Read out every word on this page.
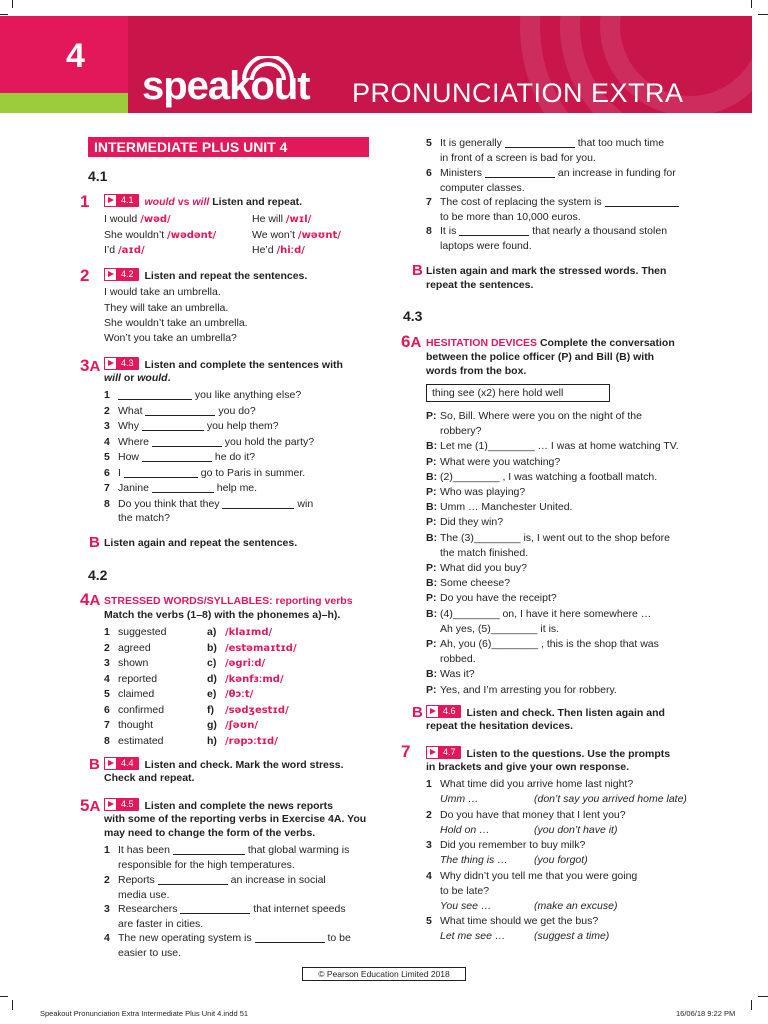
4
speakout PRONUNCIATION EXTRA
INTERMEDIATE PLUS UNIT 4
4.1
1	4.1 would vs will Listen and repeat.
I would /wəd/	He will /wɪl/
She wouldn’t /wədənt/	We won’t /wəʊnt/
I’d /aɪd/	He’d /hiːd/
2	4.2 Listen and repeat the sentences.
I would take an umbrella.
They will take an umbrella.
She wouldn’t take an umbrella.
Won’t you take an umbrella?
3A 4.3 Listen and complete the sentences with
will or would.
1	you like anything else?
2 What	you do?
3 Why	you help them?
4 Where	you hold the party?
5 How	he do it?
6 I	go to Paris in summer.
7 Janine	help me.
8 Do you think that they	win
the match?
B Listen again and repeat the sentences.
4.2
4A STRESSED WORDS/SYLLABLES: reporting verbs
Match the verbs (1–8) with the phonemes a)–h).
1 suggested	a) /klaɪmd/
2 agreed	b) /estəmaɪtɪd/
3 shown	c) /əgriːd/
4 reported	d) /kənfɜːmd/
5 claimed	e) /θɔːt/
6 confirmed	f) /sədʒestɪd/
7 thought	g) /ʃəʊn/
8 estimated	h) /rəpɔːtɪd/
B 4.4 Listen and check. Mark the word stress.
Check and repeat.
5A 4.5 Listen and complete the news reports
with some of the reporting verbs in Exercise 4A. You
may need to change the form of the verbs.
1 It has been	that global warming is
responsible for the high temperatures.
2 Reports	an increase in social
media use.
3 Researchers	that internet speeds
are faster in cities.
4 The new operating system is	to be
easier to use.
5 It is generally	that too much time
in front of a screen is bad for you.
6 Ministers	an increase in funding for
computer classes.
7 The cost of replacing the system is
to be more than 10,000 euros.
8 It is	that nearly a thousand stolen
laptops were found.
B Listen again and mark the stressed words. Then
repeat the sentences.
4.3
6A HESITATION DEVICES Complete the conversation
between the police officer (P) and Bill (B) with
words from the box.
thing see (x2) here hold well
P: So, Bill. Where were you on the night of the
robbery?
B: Let me (1)________ … I was at home watching TV.
P: What were you watching?
B: (2)________ , I was watching a football match.
P: Who was playing?
B: Umm … Manchester United.
P: Did they win?
B: The (3)________ is, I went out to the shop before
the match finished.
P: What did you buy?
B: Some cheese?
P: Do you have the receipt?
B: (4)________ on, I have it here somewhere …
Ah yes, (5)________ it is.
P: Ah, you (6)________ , this is the shop that was
robbed.
B: Was it?
P: Yes, and I’m arresting you for robbery.
B 4.6 Listen and check. Then listen again and
repeat the hesitation devices.
7	4.7 Listen to the questions. Use the prompts
in brackets and give your own response.
1 What time did you arrive home last night?
Umm …	(don’t say you arrived home late)
2 Do you have that money that I lent you?
Hold on …	(you don’t have it)
3 Did you remember to buy milk?
The thing is …	(you forgot)
4 Why didn’t you tell me that you were going
to be late?
You see …	(make an excuse)
5 What time should we get the bus?
Let me see …	(suggest a time)
© Pearson Education Limited 2018
Speakout Pronunciation Extra Intermediate Plus Unit 4.indd 51	16/06/18 9:22 PM
